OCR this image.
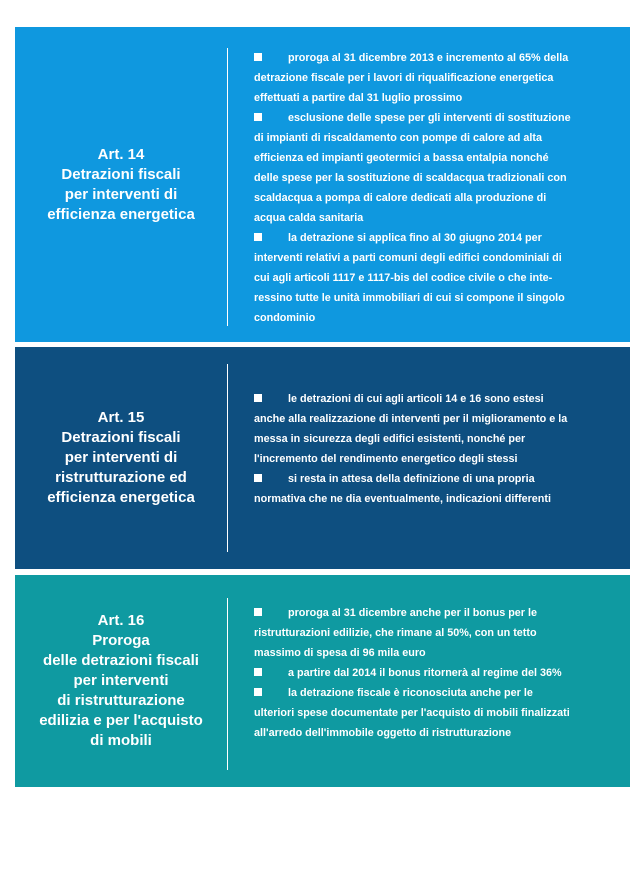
Art. 14
Detrazioni fiscali
per interventi di
efficienza energetica
proroga al 31 dicembre 2013 e incremento al 65% della
detrazione fiscale per i lavori di riqualificazione energetica
effettuati a partire dal 31 luglio prossimo
esclusione delle spese per gli interventi di sostituzione
di impianti di riscaldamento con pompe di calore ad alta
efficienza ed impianti geotermici a bassa entalpia nonché
delle spese per la sostituzione di scaldacqua tradizionali con
scaldacqua a pompa di calore dedicati alla produzione di
acqua calda sanitaria
la detrazione si applica fino al 30 giugno 2014 per
interventi relativi a parti comuni degli edifici condominiali di
cui agli articoli 1117 e 1117-bis del codice civile o che inte-
ressino tutte le unità immobiliari di cui si compone il singolo
condominio
Art. 15
Detrazioni fiscali
per interventi di
ristrutturazione ed
efficienza energetica
le detrazioni di cui agli articoli 14 e 16 sono estesi
anche alla realizzazione di interventi per il miglioramento e la
messa in sicurezza degli edifici esistenti, nonché per
l'incremento del rendimento energetico degli stessi
si resta in attesa della definizione di una propria
normativa che ne dia eventualmente, indicazioni differenti
Art. 16
Proroga
delle detrazioni fiscali
per interventi
di ristrutturazione
edilizia e per l'acquisto
di mobili
proroga al 31 dicembre anche per il bonus per le
ristrutturazioni edilizie, che rimane al 50%, con un tetto
massimo di spesa di 96 mila euro
a partire dal 2014 il bonus ritornerà al regime del 36%
la detrazione fiscale è riconosciuta anche per le
ulteriori spese documentate per l'acquisto di mobili finalizzati
all'arredo dell'immobile oggetto di ristrutturazione
